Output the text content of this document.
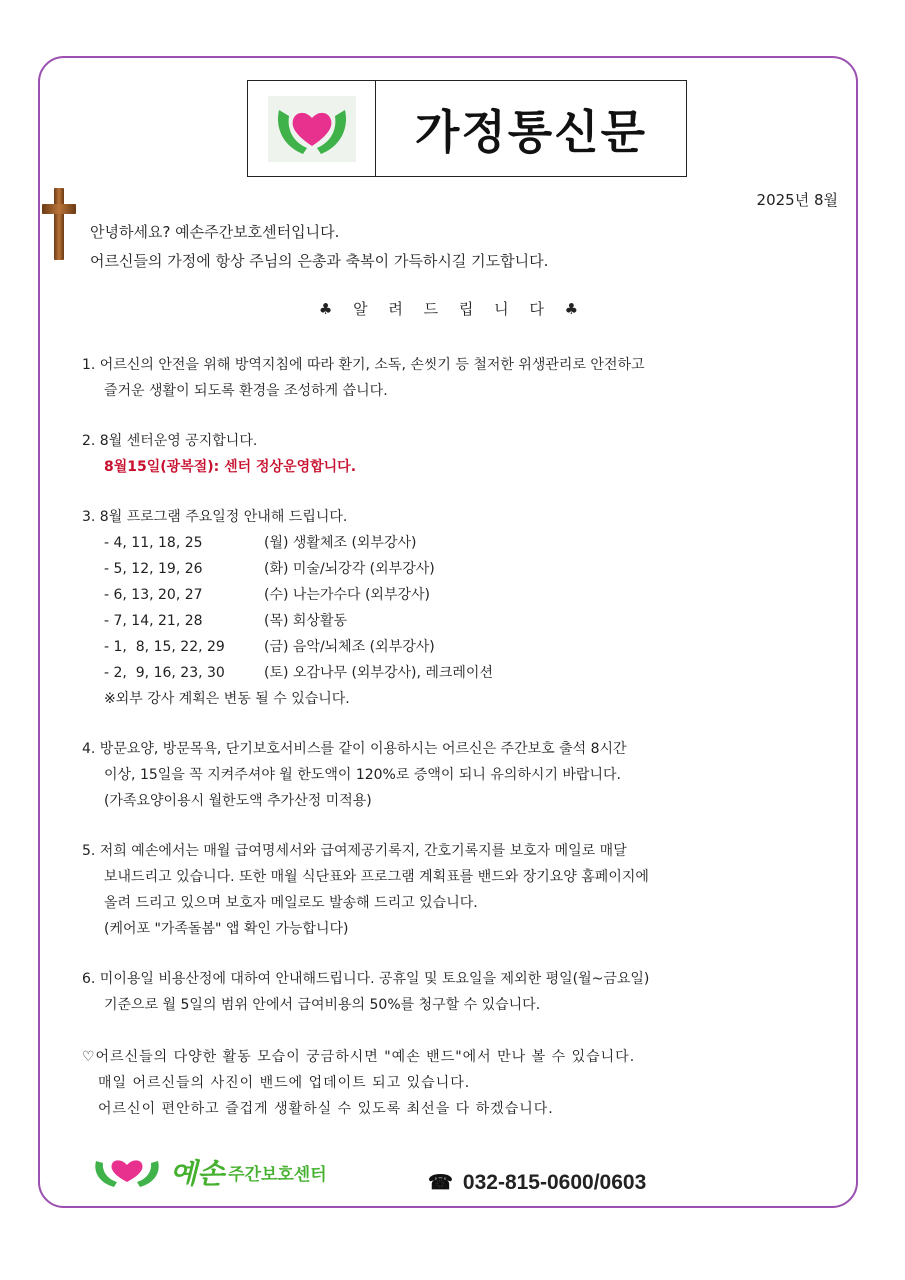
가정통신문
2025년 8월
안녕하세요? 예손주간보호센터입니다.
어르신들의 가정에 항상 주님의 은총과 축복이 가득하시길 기도합니다.
♣ 알 려 드 립 니 다 ♣
1. 어르신의 안전을 위해 방역지침에 따라 환기, 소독, 손씻기 등 철저한 위생관리로 안전하고
즐거운 생활이 되도록 환경을 조성하게 씁니다.
2. 8월 센터운영 공지합니다.
8월15일(광복절): 센터 정상운영합니다.
3. 8월 프로그램 주요일정 안내해 드립니다.
- 4, 11, 18, 25	(월) 생활체조 (외부강사)
- 5, 12, 19, 26	(화) 미술/뇌강각 (외부강사)
- 6, 13, 20, 27	(수) 나는가수다 (외부강사)
- 7, 14, 21, 28	(목) 회상활동
- 1,  8, 15, 22, 29	(금) 음악/뇌체조 (외부강사)
- 2,  9, 16, 23, 30	(토) 오감나무 (외부강사), 레크레이션
※외부 강사 계획은 변동 될 수 있습니다.
4. 방문요양, 방문목욕, 단기보호서비스를 같이 이용하시는 어르신은 주간보호 출석 8시간
이상, 15일을 꼭 지켜주셔야 월 한도액이 120%로 증액이 되니 유의하시기 바랍니다.
(가족요양이용시 월한도액 추가산정 미적용)
5. 저희 예손에서는 매월 급여명세서와 급여제공기록지, 간호기록지를 보호자 메일로 매달
보내드리고 있습니다. 또한 매월 식단표와 프로그램 계획표를 밴드와 장기요양 홈페이지에
올려 드리고 있으며 보호자 메일로도 발송해 드리고 있습니다.
(케어포 "가족돌봄" 앱 확인 가능합니다)
6. 미이용일 비용산정에 대하여 안내해드립니다. 공휴일 및 토요일을 제외한 평일(월~금요일)
기준으로 월 5일의 범위 안에서 급여비용의 50%를 청구할 수 있습니다.
♡어르신들의 다양한 활동 모습이 궁금하시면 "예손 밴드"에서 만나 볼 수 있습니다.
매일 어르신들의 사진이 밴드에 업데이트 되고 있습니다.
어르신이 편안하고 즐겁게 생활하실 수 있도록 최선을 다 하겠습니다.
예손 주간보호센터	☎ 032-815-0600/0603
